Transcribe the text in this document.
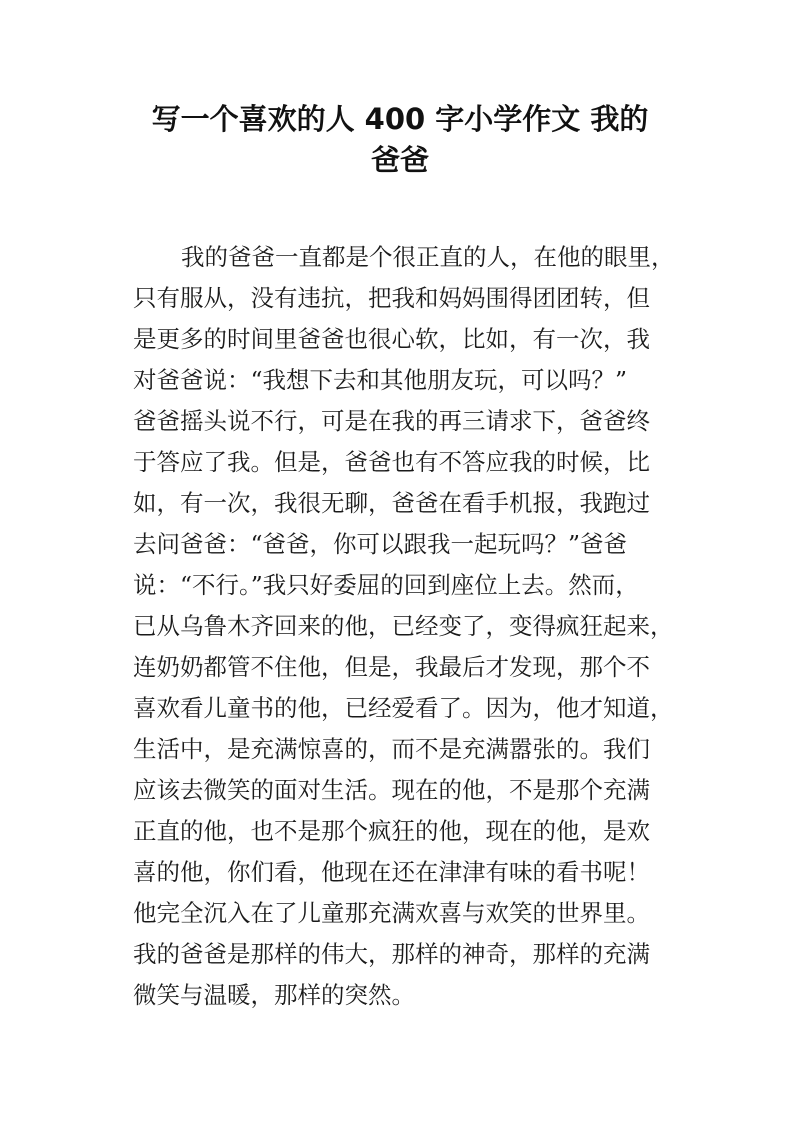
写一个喜欢的人 400 字小学作文 我的
爸爸
我的爸爸一直都是个很正直的人，在他的眼里，
只有服从，没有违抗，把我和妈妈围得团团转，但
是更多的时间里爸爸也很心软，比如，有一次，我
对爸爸说：“我想下去和其他朋友玩，可以吗？”
爸爸摇头说不行，可是在我的再三请求下，爸爸终
于答应了我。但是，爸爸也有不答应我的时候，比
如，有一次，我很无聊，爸爸在看手机报，我跑过
去问爸爸：“爸爸，你可以跟我一起玩吗？”爸爸
说：“不行。”我只好委屈的回到座位上去。然而，
已从乌鲁木齐回来的他，已经变了，变得疯狂起来，
连奶奶都管不住他，但是，我最后才发现，那个不
喜欢看儿童书的他，已经爱看了。因为，他才知道，
生活中，是充满惊喜的，而不是充满嚣张的。我们
应该去微笑的面对生活。现在的他，不是那个充满
正直的他，也不是那个疯狂的他，现在的他，是欢
喜的他，你们看，他现在还在津津有味的看书呢！
他完全沉入在了儿童那充满欢喜与欢笑的世界里。
我的爸爸是那样的伟大，那样的神奇，那样的充满
微笑与温暖，那样的突然。
